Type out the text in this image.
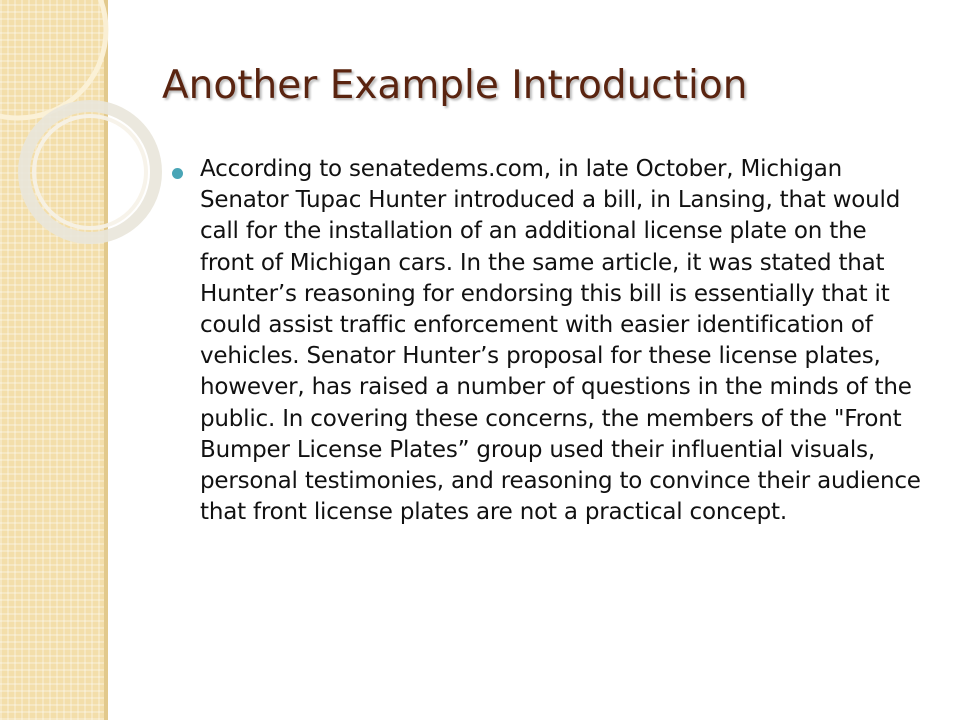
Another Example Introduction
According to senatedems.com, in late October, Michigan Senator Tupac Hunter introduced a bill, in Lansing, that would call for the installation of an additional license plate on the front of Michigan cars. In the same article, it was stated that Hunter’s reasoning for endorsing this bill is essentially that it could assist traffic enforcement with easier identification of vehicles. Senator Hunter’s proposal for these license plates, however, has raised a number of questions in the minds of the public. In covering these concerns, the members of the "Front Bumper License Plates” group used their influential visuals, personal testimonies, and reasoning to convince their audience that front license plates are not a practical concept.
